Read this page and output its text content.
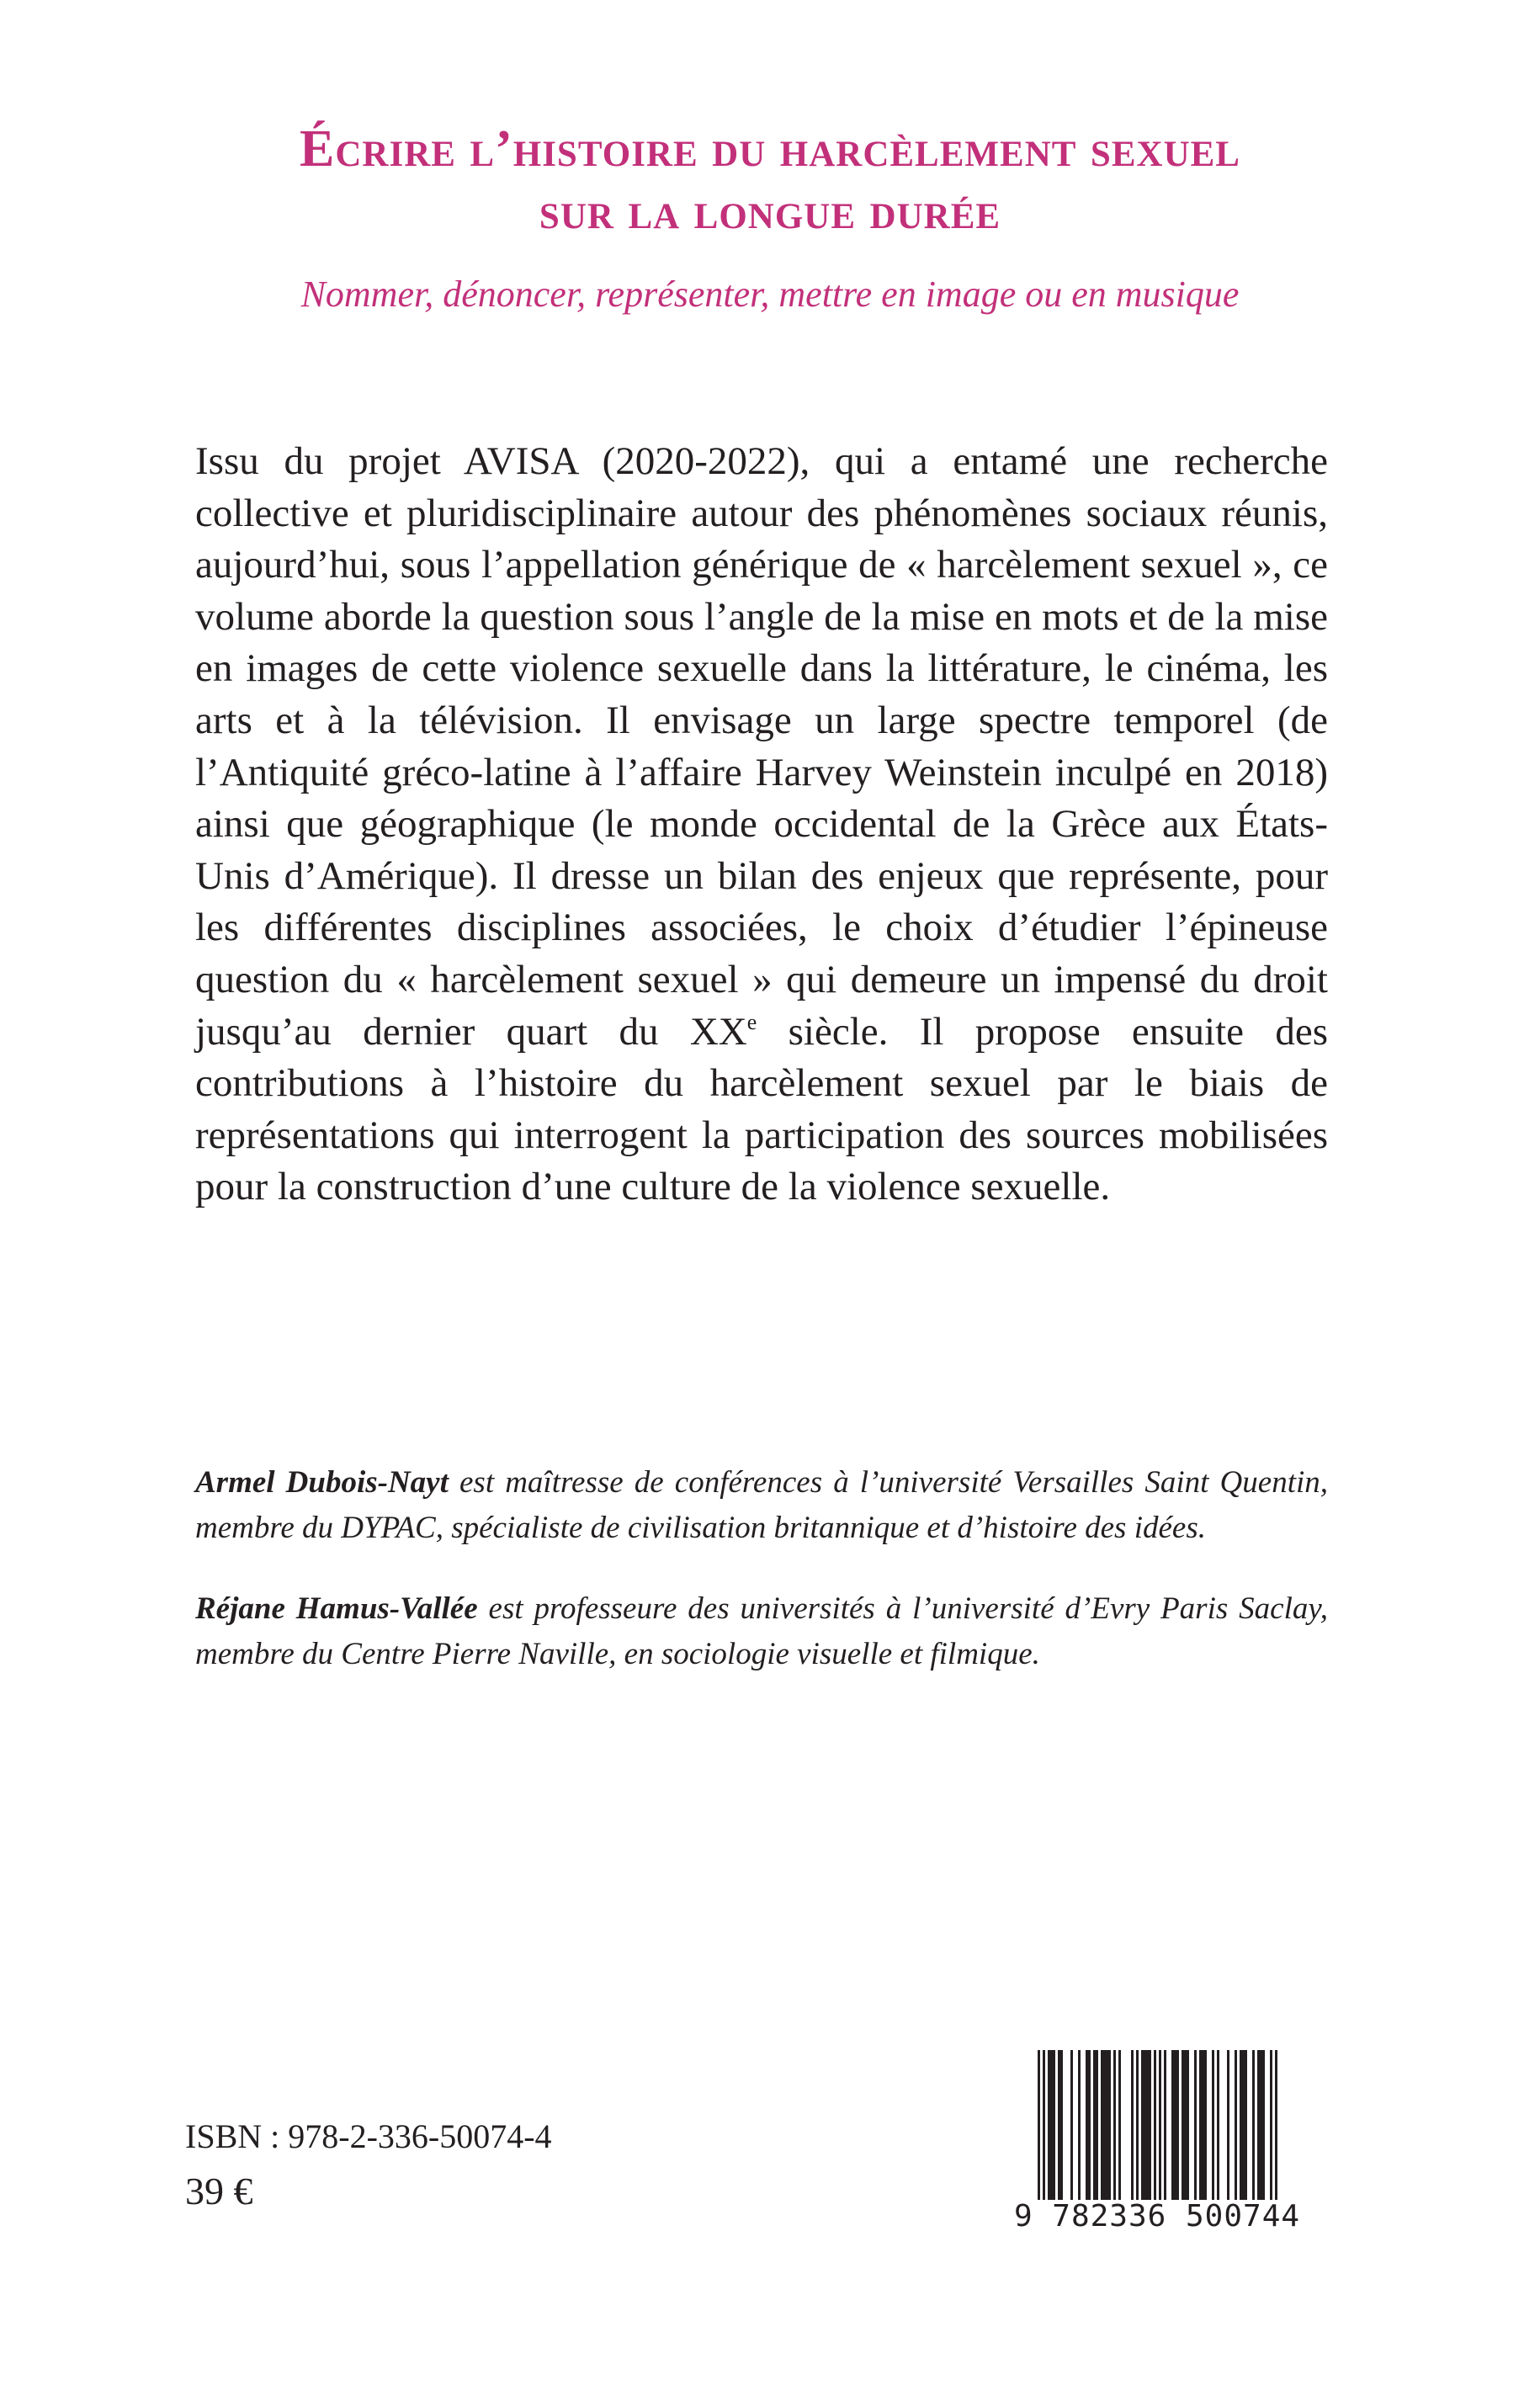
Écrire l’histoire du harcèlement sexuel
sur la longue durée
Nommer, dénoncer, représenter, mettre en image ou en musique

Issu du projet AVISA (2020-2022), qui a entamé une recherche collective et pluridisciplinaire autour des phénomènes sociaux réunis, aujourd’hui, sous l’appellation générique de « harcèlement sexuel », ce volume aborde la question sous l’angle de la mise en mots et de la mise en images de cette violence sexuelle dans la littérature, le cinéma, les arts et à la télévision. Il envisage un large spectre temporel (de l’Antiquité gréco-latine à l’affaire Harvey Weinstein inculpé en 2018) ainsi que géographique (le monde occidental de la Grèce aux États-Unis d’Amérique). Il dresse un bilan des enjeux que représente, pour les différentes disciplines associées, le choix d’étudier l’épineuse question du « harcèlement sexuel » qui demeure un impensé du droit jusqu’au dernier quart du XXe siècle. Il propose ensuite des contributions à l’histoire du harcèlement sexuel par le biais de représentations qui interrogent la participation des sources mobilisées pour la construction d’une culture de la violence sexuelle.

Armel Dubois-Nayt est maîtresse de conférences à l’université Versailles Saint Quentin, membre du DYPAC, spécialiste de civilisation britannique et d’histoire des idées.

Réjane Hamus-Vallée est professeure des universités à l’université d’Evry Paris Saclay, membre du Centre Pierre Naville, en sociologie visuelle et filmique.

ISBN : 978-2-336-50074-4
39 €
9 782336 500744
